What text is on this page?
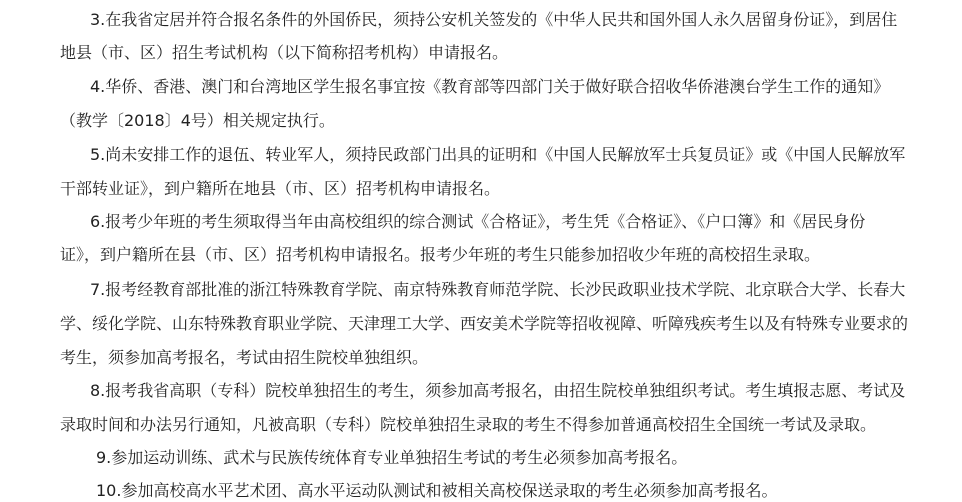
3.在我省定居并符合报名条件的外国侨民，须持公安机关签发的《中华人民共和国外国人永久居留身份证》，到居住
地县（市、区）招生考试机构（以下简称招考机构）申请报名。
4.华侨、香港、澳门和台湾地区学生报名事宜按《教育部等四部门关于做好联合招收华侨港澳台学生工作的通知》
（教学〔2018〕4号）相关规定执行。
5.尚未安排工作的退伍、转业军人，须持民政部门出具的证明和《中国人民解放军士兵复员证》或《中国人民解放军
干部转业证》，到户籍所在地县（市、区）招考机构申请报名。
6.报考少年班的考生须取得当年由高校组织的综合测试《合格证》，考生凭《合格证》、《户口簿》和《居民身份
证》，到户籍所在县（市、区）招考机构申请报名。报考少年班的考生只能参加招收少年班的高校招生录取。
7.报考经教育部批准的浙江特殊教育学院、南京特殊教育师范学院、长沙民政职业技术学院、北京联合大学、长春大
学、绥化学院、山东特殊教育职业学院、天津理工大学、西安美术学院等招收视障、听障残疾考生以及有特殊专业要求的
考生，须参加高考报名，考试由招生院校单独组织。
8.报考我省高职（专科）院校单独招生的考生，须参加高考报名，由招生院校单独组织考试。考生填报志愿、考试及
录取时间和办法另行通知，凡被高职（专科）院校单独招生录取的考生不得参加普通高校招生全国统一考试及录取。
9.参加运动训练、武术与民族传统体育专业单独招生考试的考生必须参加高考报名。
10.参加高校高水平艺术团、高水平运动队测试和被相关高校保送录取的考生必须参加高考报名。
